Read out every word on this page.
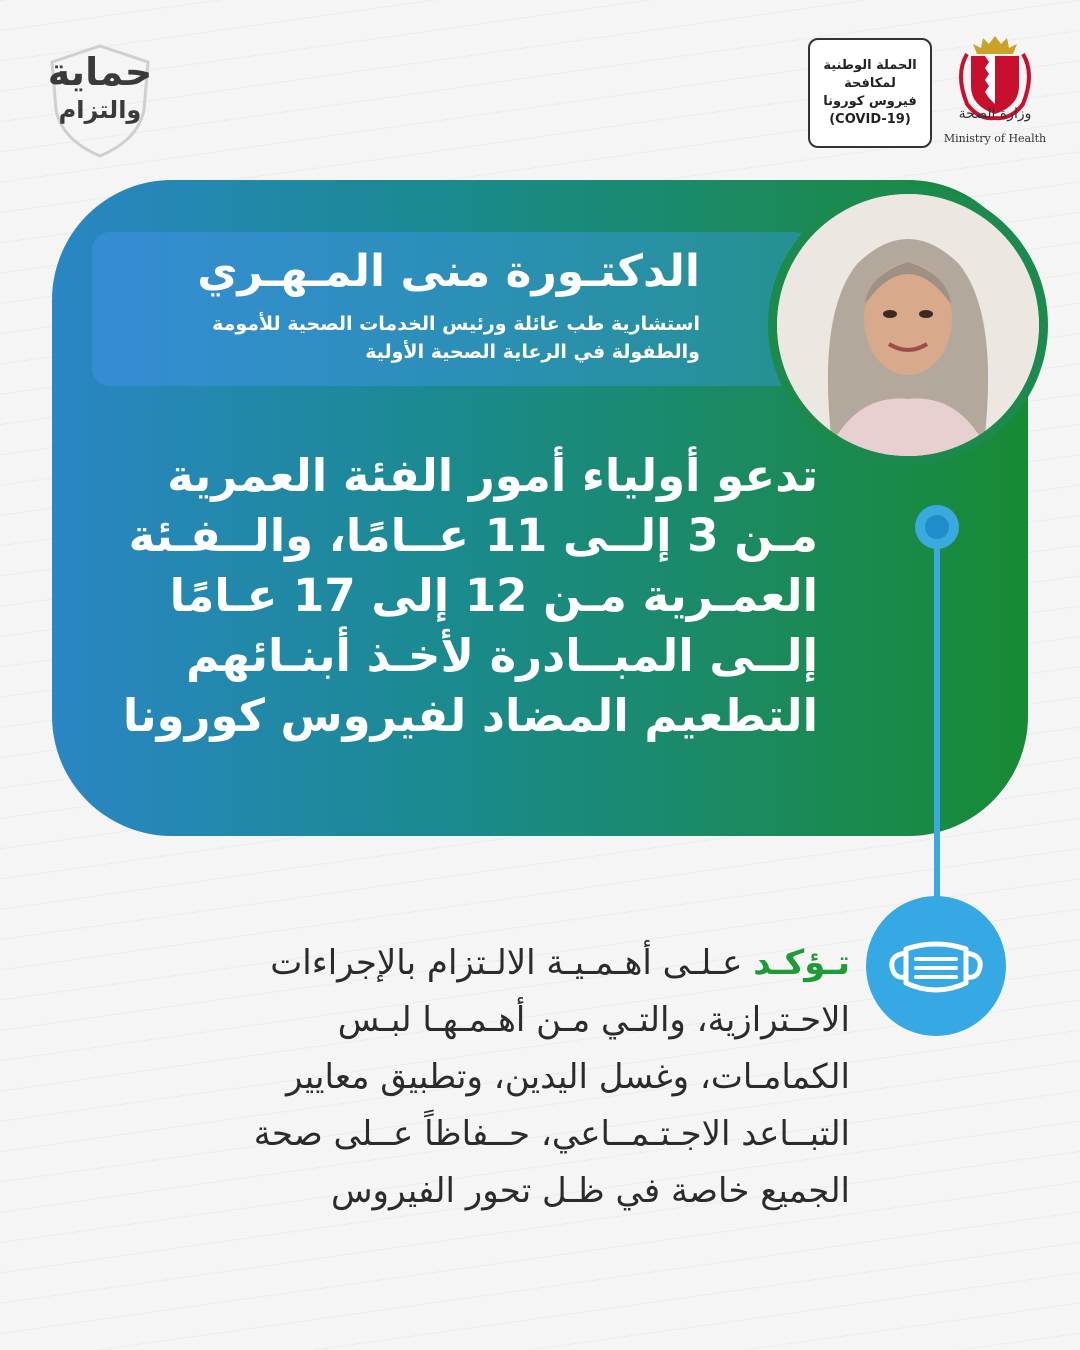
حماية
والتزام
الحملة الوطنية
لمكافحة
فيروس كورونا
(COVID-19)	وزارة الصحة
Ministry of Health
الدكتـورة منى المـهـري
استشارية طب عائلة ورئيس الخدمات الصحية للأمومة
والطفولة في الرعاية الصحية الأولية
تدعو أولياء أمور الفئة العمرية
مـن 3 إلــى 11 عــامًا، والــفـئة
العمـرية مـن 12 إلى 17 عـامًا
إلــى المبــادرة لأخـذ أبنـائهم
التطعيم المضاد لفيروس كورونا
تـؤكـد عـلـى أهـمـيـة الالـتزام بالإجراءات
الاحـترازية، والتـي مـن أهـمـهـا لبـس
الكمامـات، وغسل اليدين، وتطبيق معايير
التبــاعد الاجـتـمــاعي، حــفاظاً عــلى صحة
الجميع خاصة في ظـل تحور الفيروس
